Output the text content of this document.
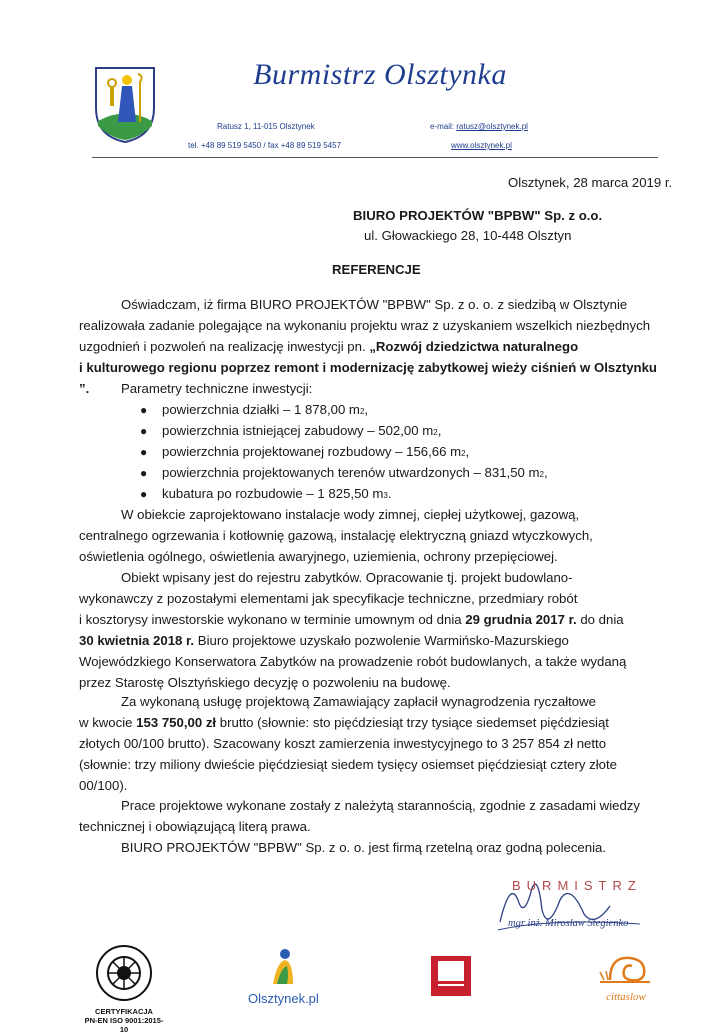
Burmistrz Olsztynka
Ratusz 1, 11-015 Olsztynek
tel. +48 89 519 5450 / fax +48 89 519 5457
e-mail: ratusz@olsztynek.pl
www.olsztynek.pl
Olsztynek, 28 marca 2019 r.
BIURO PROJEKTÓW "BPBW" Sp. z o.o.
ul. Głowackiego 28, 10-448 Olsztyn
REFERENCJE
Oświadczam, iż firma BIURO PROJEKTÓW "BPBW" Sp. z o. o. z siedzibą w Olsztynie
realizowała zadanie polegające na wykonaniu projektu wraz z uzyskaniem wszelkich niezbędnych
uzgodnień i pozwoleń na realizację inwestycji pn. „Rozwój dziedzictwa naturalnego
i kulturowego regionu poprzez remont i modernizację zabytkowej wieży ciśnień w Olsztynku ”.	Parametry techniczne inwestycji:
●	powierzchnia działki – 1 878,00 m 2 ,
●	powierzchnia istniejącej zabudowy – 502,00 m 2 ,
●	powierzchnia projektowanej rozbudowy – 156,66 m 2 ,
●	powierzchnia projektowanych terenów utwardzonych – 831,50 m 2 ,
●	kubatura po rozbudowie – 1 825,50 m 3 .
W obiekcie zaprojektowano instalacje wody zimnej, ciepłej użytkowej, gazową,
centralnego ogrzewania i kotłownię gazową, instalację elektryczną gniazd wtyczkowych,
oświetlenia ogólnego, oświetlenia awaryjnego, uziemienia, ochrony przepięciowej.
Obiekt wpisany jest do rejestru zabytków. Opracowanie tj. projekt budowlano-
wykonawczy z pozostałymi elementami jak specyfikacje techniczne, przedmiary robót
i kosztorysy inwestorskie wykonano w terminie umownym od dnia 29 grudnia 2017 r. do dnia
30 kwietnia 2018 r. Biuro projektowe uzyskało pozwolenie Warmińsko-Mazurskiego
Wojewódzkiego Konserwatora Zabytków na prowadzenie robót budowlanych, a także wydaną
przez Starostę Olsztyńskiego decyzję o pozwoleniu na budowę.
Za wykonaną usługę projektową Zamawiający zapłacił wynagrodzenia ryczałtowe
w kwocie 153 750,00 zł brutto (słownie: sto pięćdziesiąt trzy tysiące siedemset pięćdziesiąt
złotych 00/100 brutto). Szacowany koszt zamierzenia inwestycyjnego to 3 257 854 zł netto
(słownie: trzy miliony dwieście pięćdziesiąt siedem tysięcy osiemset pięćdziesiąt cztery złote
00/100).
Prace projektowe wykonane zostały z należytą starannością, zgodnie z zasadami wiedzy
technicznej i obowiązującą literą prawa.
BIURO PROJEKTÓW "BPBW" Sp. z o. o. jest firmą rzetelną oraz godną polecenia.
BURMISTRZ
mgr inż. Mirosław Stegienko
CERTYFIKACJA
PN-EN ISO 9001:2015-10
Olsztynek.pl	cittaslow
